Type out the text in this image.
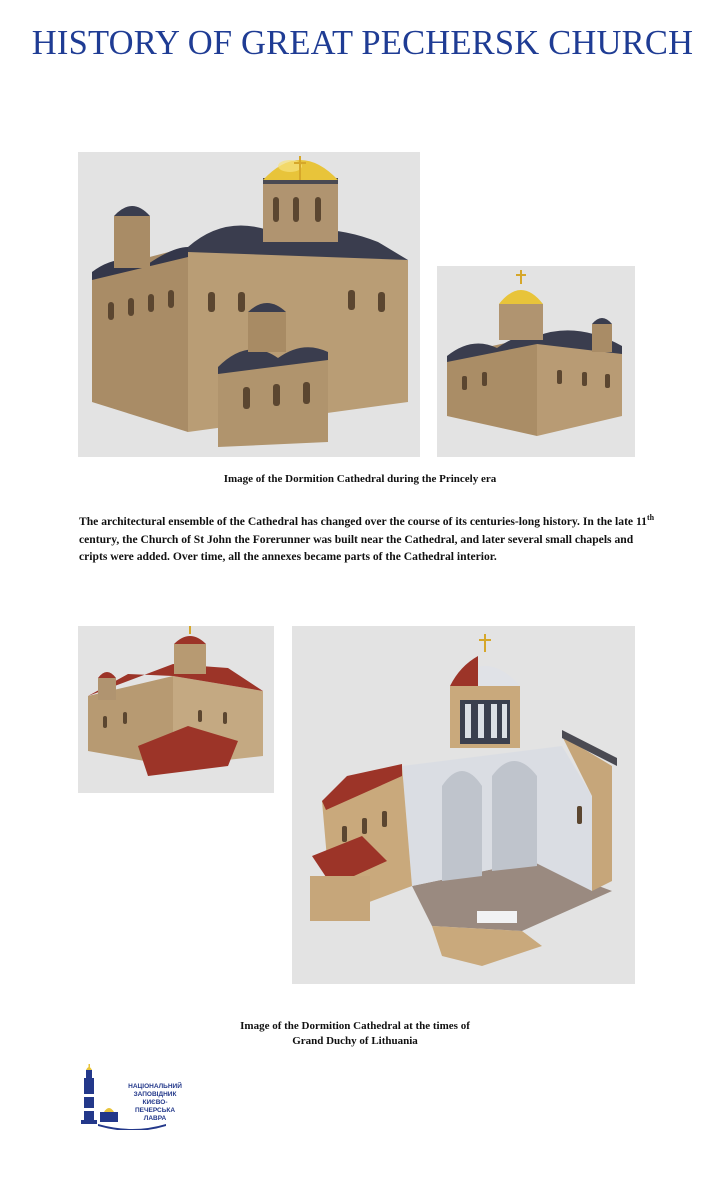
HISTORY OF GREAT PECHERSK CHURCH
Image of the Dormition Cathedral during the Princely era
The architectural ensemble of the Cathedral has changed over the course of its centuries-long history. In the late 11th century, the Church of St John the Forerunner was built near the Cathedral, and later several small chapels and cripts were added. Over time, all the annexes became parts of the Cathedral interior.
Image of the Dormition Cathedral at the times of
Grand Duchy of Lithuania
НАЦІОНАЛЬНИЙ
ЗАПОВІДНИК
КИЄВО-ПЕЧЕРСЬКА
ЛАВРА
